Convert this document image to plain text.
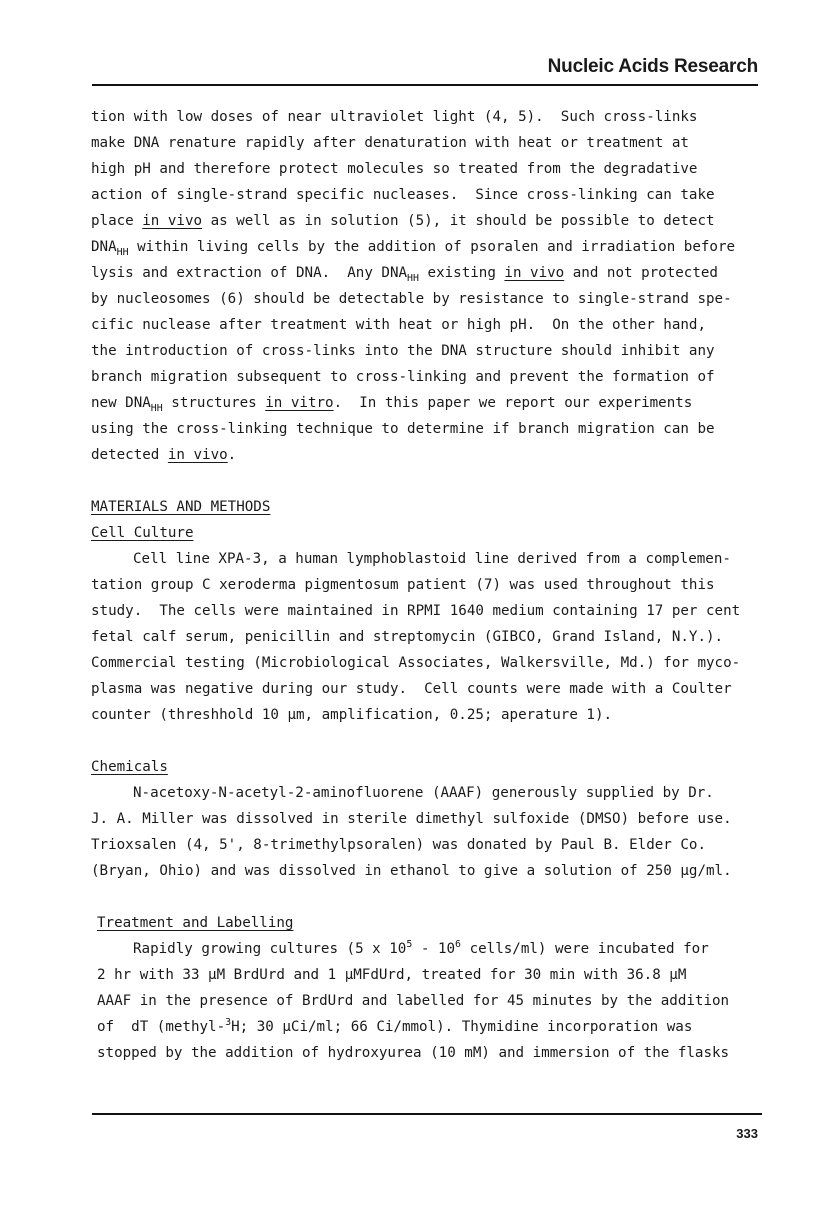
Nucleic Acids Research
tion with low doses of near ultraviolet light (4, 5).  Such cross-links
make DNA renature rapidly after denaturation with heat or treatment at
high pH and therefore protect molecules so treated from the degradative
action of single-strand specific nucleases.  Since cross-linking can take
place in vivo as well as in solution (5), it should be possible to detect
$DNA_{HH}$ within living cells by the addition of psoralen and irradiation before
lysis and extraction of DNA.  Any $DNA_{HH}$ existing in vivo and not protected
by nucleosomes (6) should be detectable by resistance to single-strand spe-
cific nuclease after treatment with heat or high pH.  On the other hand,
the introduction of cross-links into the DNA structure should inhibit any
branch migration subsequent to cross-linking and prevent the formation of
new $DNA_{HH}$ structures in vitro.  In this paper we report our experiments
using the cross-linking technique to determine if branch migration can be
detected in vivo.
MATERIALS AND METHODS
Cell Culture
Cell line XPA-3, a human lymphoblastoid line derived from a complemen-
tation group C xeroderma pigmentosum patient (7) was used throughout this
study.  The cells were maintained in RPMI 1640 medium containing 17 per cent
fetal calf serum, penicillin and streptomycin (GIBCO, Grand Island, N.Y.).
Commercial testing (Microbiological Associates, Walkersville, Md.) for myco-
plasma was negative during our study.  Cell counts were made with a Coulter
counter (threshhold 10 µm, amplification, 0.25; aperature 1).
Chemicals
N-acetoxy-N-acetyl-2-aminofluorene (AAAF) generously supplied by Dr.
J. A. Miller was dissolved in sterile dimethyl sulfoxide (DMSO) before use.
Trioxsalen (4, 5', 8-trimethylpsoralen) was donated by Paul B. Elder Co.
(Bryan, Ohio) and was dissolved in ethanol to give a solution of 250 µg/ml.
Treatment and Labelling
Rapidly growing cultures (5 x $10^5 - 10^6$ cells/ml) were incubated for
2 hr with 33 µM BrdUrd and 1 µMFdUrd, treated for 30 min with 36.8 µM
AAAF in the presence of BrdUrd and labelled for 45 minutes by the addition
of  dT (methyl-$^3$H; 30 µCi/ml; 66 Ci/mmol). Thymidine incorporation was
stopped by the addition of hydroxyurea (10 mM) and immersion of the flasks
333
